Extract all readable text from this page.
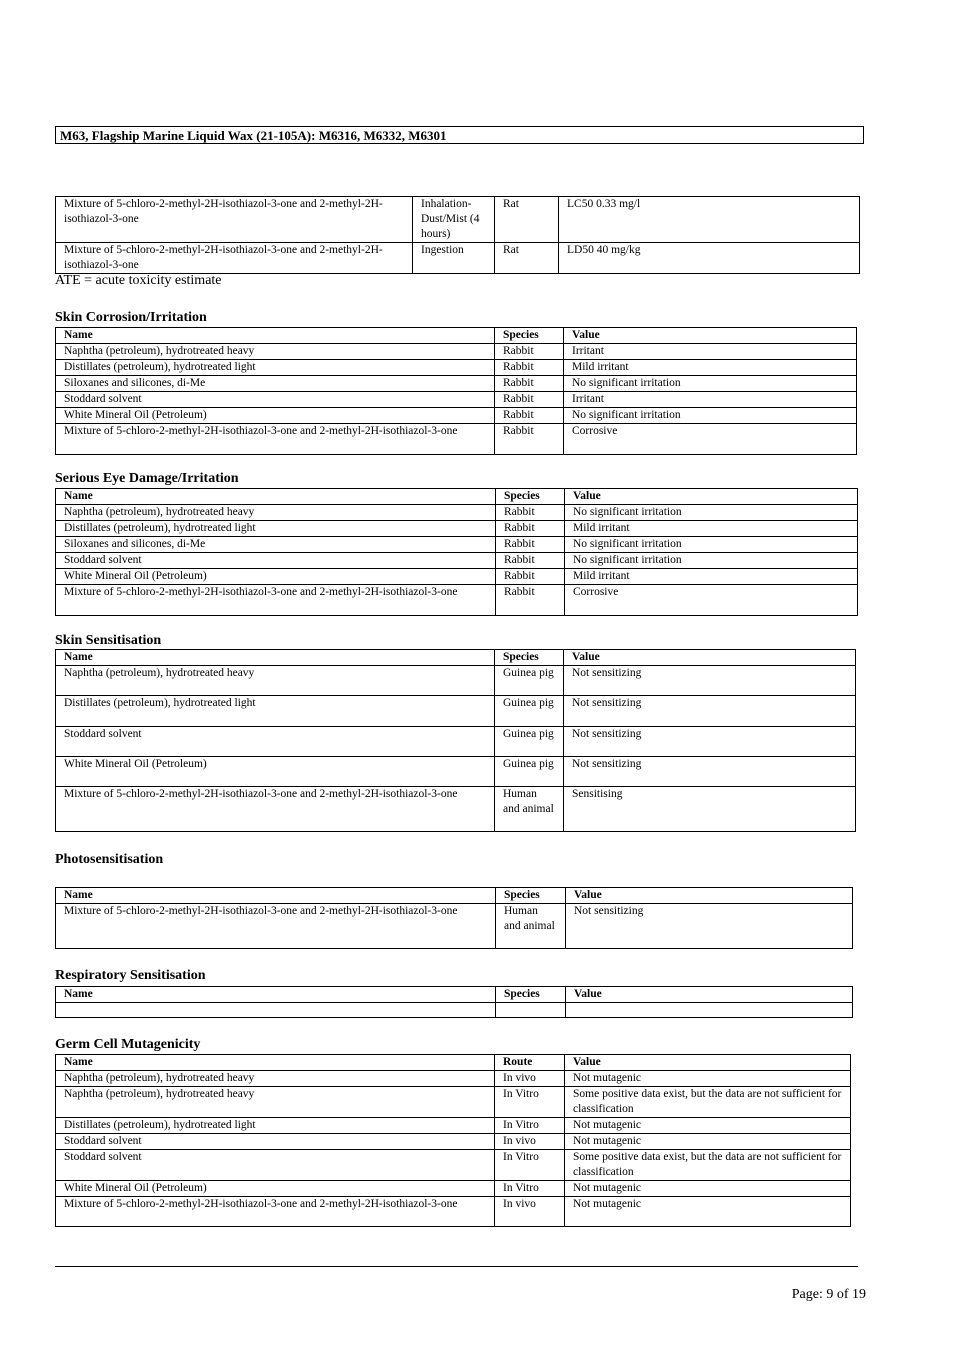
M63, Flagship Marine Liquid Wax (21-105A): M6316, M6332, M6301
Mixture of 5-chloro-2-methyl-2H-isothiazol-3-one and 2-methyl-2H-isothiazol-3-one	Inhalation-Dust/Mist (4 hours)	Rat	LC50 0.33 mg/l
Mixture of 5-chloro-2-methyl-2H-isothiazol-3-one and 2-methyl-2H-isothiazol-3-one	Ingestion	Rat	LD50 40 mg/kg
ATE = acute toxicity estimate
Skin Corrosion/Irritation
Name	Species	Value
Naphtha (petroleum), hydrotreated heavy	Rabbit	Irritant
Distillates (petroleum), hydrotreated light	Rabbit	Mild irritant
Siloxanes and silicones, di-Me	Rabbit	No significant irritation
Stoddard solvent	Rabbit	Irritant
White Mineral Oil (Petroleum)	Rabbit	No significant irritation
Mixture of 5-chloro-2-methyl-2H-isothiazol-3-one and 2-methyl-2H-isothiazol-3-one	Rabbit	Corrosive
Serious Eye Damage/Irritation
Name	Species	Value
Naphtha (petroleum), hydrotreated heavy	Rabbit	No significant irritation
Distillates (petroleum), hydrotreated light	Rabbit	Mild irritant
Siloxanes and silicones, di-Me	Rabbit	No significant irritation
Stoddard solvent	Rabbit	No significant irritation
White Mineral Oil (Petroleum)	Rabbit	Mild irritant
Mixture of 5-chloro-2-methyl-2H-isothiazol-3-one and 2-methyl-2H-isothiazol-3-one	Rabbit	Corrosive
Skin Sensitisation
Name	Species	Value
Naphtha (petroleum), hydrotreated heavy	Guinea pig	Not sensitizing
Distillates (petroleum), hydrotreated light	Guinea pig	Not sensitizing
Stoddard solvent	Guinea pig	Not sensitizing
White Mineral Oil (Petroleum)	Guinea pig	Not sensitizing
Mixture of 5-chloro-2-methyl-2H-isothiazol-3-one and 2-methyl-2H-isothiazol-3-one	Human and animal	Sensitising
Photosensitisation
Name	Species	Value
Mixture of 5-chloro-2-methyl-2H-isothiazol-3-one and 2-methyl-2H-isothiazol-3-one	Human and animal	Not sensitizing
Respiratory Sensitisation
Name	Species	Value

Germ Cell Mutagenicity
Name	Route	Value
Naphtha (petroleum), hydrotreated heavy	In vivo	Not mutagenic
Naphtha (petroleum), hydrotreated heavy	In Vitro	Some positive data exist, but the data are not sufficient for classification
Distillates (petroleum), hydrotreated light	In Vitro	Not mutagenic
Stoddard solvent	In vivo	Not mutagenic
Stoddard solvent	In Vitro	Some positive data exist, but the data are not sufficient for classification
White Mineral Oil (Petroleum)	In Vitro	Not mutagenic
Mixture of 5-chloro-2-methyl-2H-isothiazol-3-one and 2-methyl-2H-isothiazol-3-one	In vivo	Not mutagenic
Page: 9 of 19
